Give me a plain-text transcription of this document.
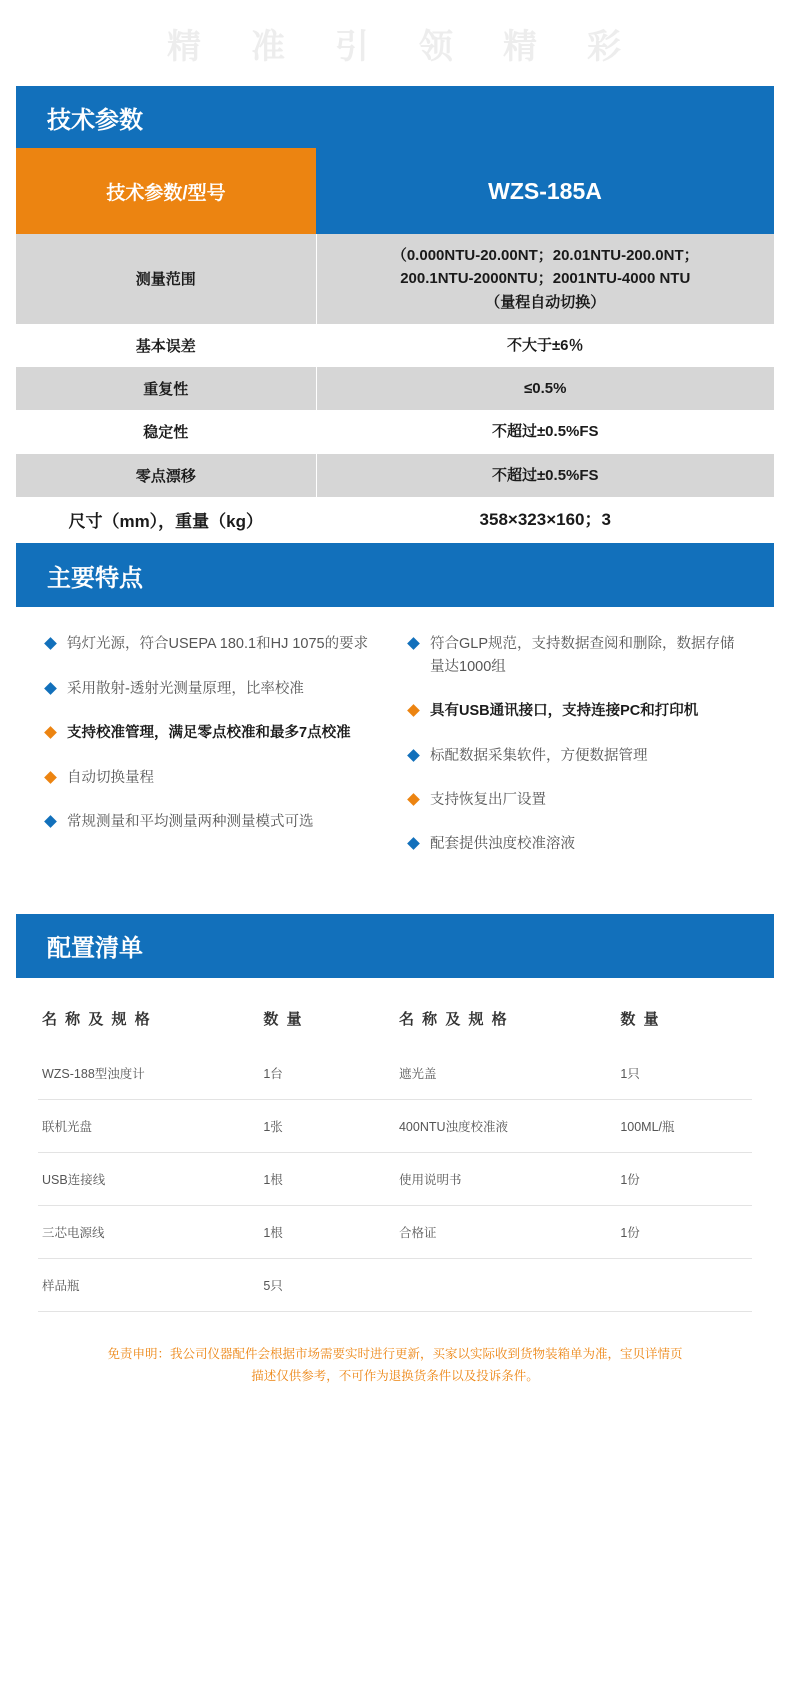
精 准 引 领 精 彩
技术参数
技术参数/型号	WZS-185A
测量范围	（0.000NTU-20.00NT；20.01NTU-200.0NT；
200.1NTU-2000NTU；2001NTU-4000 NTU
（量程自动切换）
基本误差	不大于±6％
重复性	≤0.5%
稳定性	不超过±0.5%FS
零点漂移	不超过±0.5%FS
尺寸（mm），重量（kg）	358×323×160；3
主要特点
钨灯光源，符合USEPA 180.1和HJ 1075的要求
采用散射-透射光测量原理，比率校准
支持校准管理，满足零点校准和最多7点校准
自动切换量程
常规测量和平均测量两种测量模式可选
符合GLP规范，支持数据查阅和删除，数据存储量达1000组
具有USB通讯接口，支持连接PC和打印机
标配数据采集软件，方便数据管理
支持恢复出厂设置
配套提供浊度校准溶液
配置清单
名 称 及 规 格	数 量	名 称 及 规 格	数 量
WZS-188型浊度计	1台	遮光盖	1只
联机光盘	1张	400NTU浊度校准液	100ML/瓶
USB连接线	1根	使用说明书	1份
三芯电源线	1根	合格证	1份
样品瓶	5只		
免责申明：我公司仪器配件会根据市场需要实时进行更新，买家以实际收到货物装箱单为准，宝贝详情页
描述仅供参考，不可作为退换货条件以及投诉条件。
